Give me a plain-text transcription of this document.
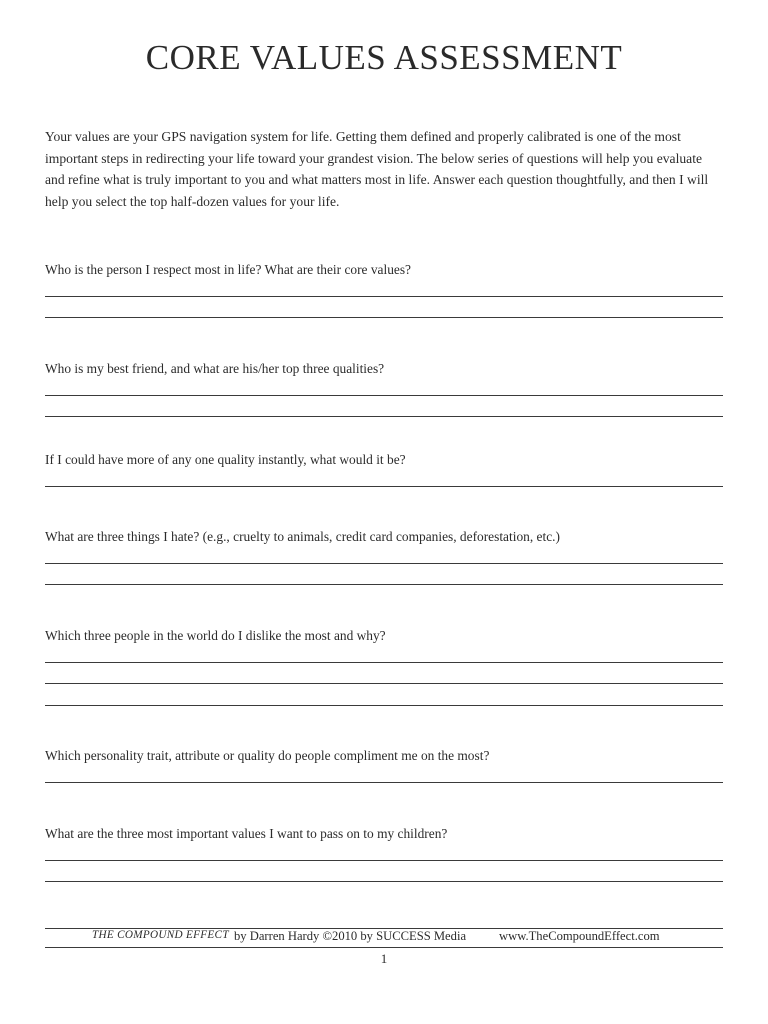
CORE VALUES ASSESSMENT

Your values are your GPS navigation system for life. Getting them defined and properly calibrated is one of the most important steps in redirecting your life toward your grandest vision. The below series of questions will help you evaluate and refine what is truly important to you and what matters most in life. Answer each question thoughtfully, and then I will help you select the top half-dozen values for your life.

Who is the person I respect most in life? What are their core values?

Who is my best friend, and what are his/her top three qualities?

If I could have more of any one quality instantly, what would it be?

What are three things I hate? (e.g., cruelty to animals, credit card companies, deforestation, etc.)

Which three people in the world do I dislike the most and why?

Which personality trait, attribute or quality do people compliment me on the most?

What are the three most important values I want to pass on to my children?

THE COMPOUND EFFECT by Darren Hardy ©2010 by SUCCESS Media	www.TheCompoundEffect.com
1
